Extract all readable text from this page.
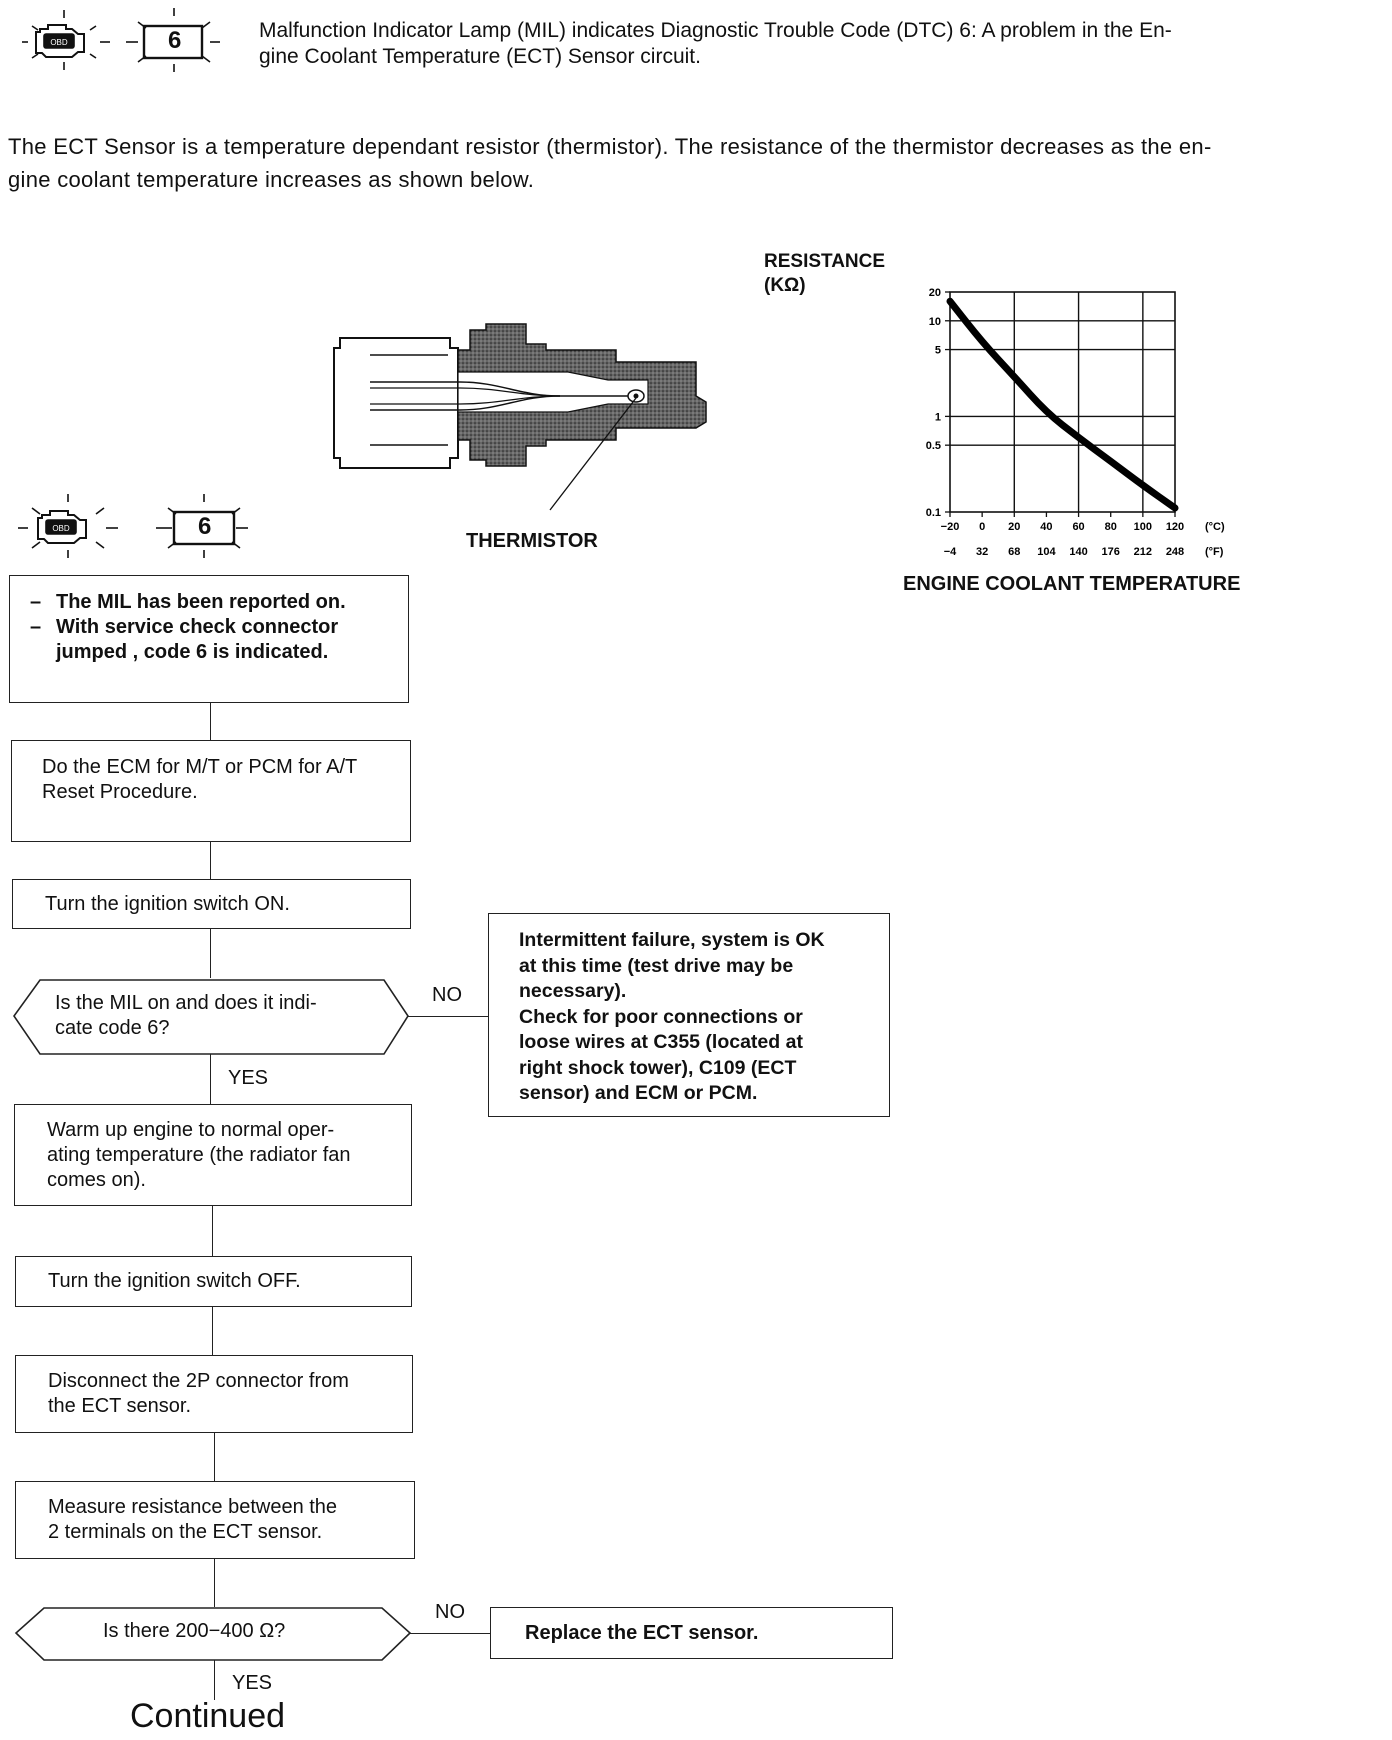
OBD	6	Malfunction Indicator Lamp (MIL) indicates Diagnostic Trouble Code (DTC) 6: A problem in the En-
gine Coolant Temperature (ECT) Sensor circuit.
The ECT Sensor is a temperature dependant resistor (thermistor). The resistance of the thermistor decreases as the en-
gine coolant temperature increases as shown below.
THERMISTOR
RESISTANCE
(KΩ)	20
10
5
1
0.5
0.1
−20
−4
0
32
20
68
40
104
60
140
80
176
100
212
120
248
(°C)
(°F)
ENGINE COOLANT TEMPERATURE
OBD	6
– The MIL has been reported on.
– With service check connector jumped , code 6 is indicated.
Do the ECM for M/T or PCM for A/T Reset Procedure.
Turn the ignition switch ON.
Is the MIL on and does it indi-
cate code 6?
NO
YES
Intermittent failure, system is OK
at this time (test drive may be
necessary).
Check for poor connections or
loose wires at C355 (located at
right shock tower), C109 (ECT
sensor) and ECM or PCM.
Warm up engine to normal oper-
ating temperature (the radiator fan
comes on).
Turn the ignition switch OFF.
Disconnect the 2P connector from
the ECT sensor.
Measure resistance between the
2 terminals on the ECT sensor.
Is there 200−400 Ω?
NO
Replace the ECT sensor.
YES
Continued
